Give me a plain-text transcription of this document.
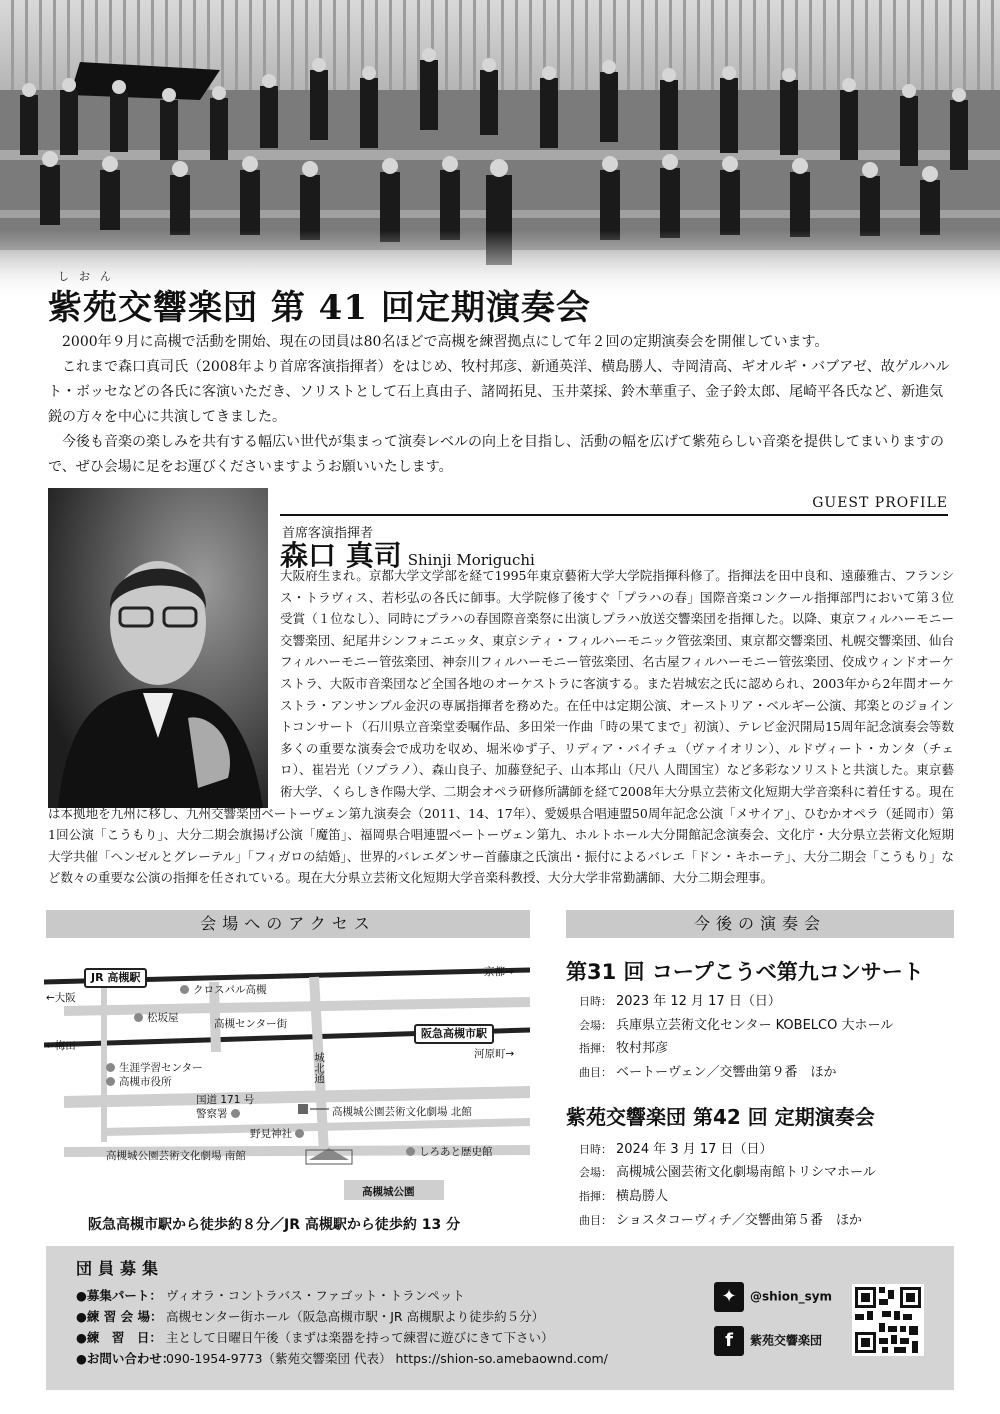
しおん
紫苑交響楽団 第 41 回定期演奏会

2000年９月に高槻で活動を開始、現在の団員は80名ほどで高槻を練習拠点にして年２回の定期演奏会を開催しています。

これまで森口真司氏（2008年より首席客演指揮者）をはじめ、牧村邦彦、新通英洋、横島勝人、寺岡清高、ギオルギ・バブアゼ、故ゲルハルト・ボッセなどの各氏に客演いただき、ソリストとして石上真由子、諸岡拓見、玉井菜採、鈴木華重子、金子鈴太郎、尾崎平各氏など、新進気鋭の方々を中心に共演してきました。

今後も音楽の楽しみを共有する幅広い世代が集まって演奏レベルの向上を目指し、活動の幅を広げて紫苑らしい音楽を提供してまいりますので、ぜひ会場に足をお運びくださいますようお願いいたします。

GUEST PROFILE
首席客演指揮者
森口 真司 Shinji Moriguchi
大阪府生まれ。京都大学文学部を経て1995年東京藝術大学大学院指揮科修了。指揮法を田中良和、遠藤雅古、フランシス・トラヴィス、若杉弘の各氏に師事。大学院修了後すぐ「プラハの春」国際音楽コンクール指揮部門において第３位受賞（１位なし）、同時にプラハの春国際音楽祭に出演しプラハ放送交響楽団を指揮した。以降、東京フィルハーモニー交響楽団、紀尾井シンフォニエッタ、東京シティ・フィルハーモニック管弦楽団、東京都交響楽団、札幌交響楽団、仙台フィルハーモニー管弦楽団、神奈川フィルハーモニー管弦楽団、名古屋フィルハーモニー管弦楽団、佼成ウィンドオーケストラ、大阪市音楽団など全国各地のオーケストラに客演する。また岩城宏之氏に認められ、2003年から2年間オーケストラ・アンサンブル金沢の専属指揮者を務めた。在任中は定期公演、オーストリア・ベルギー公演、邦楽とのジョイントコンサート（石川県立音楽堂委嘱作品、多田栄一作曲「時の果てまで」初演）、テレビ金沢開局15周年記念演奏会等数多くの重要な演奏会で成功を収め、堀米ゆず子、リディア・バイチュ（ヴァイオリン）、ルドヴィート・カンタ（チェロ）、崔岩光（ソプラノ）、森山良子、加藤登紀子、山本邦山（尺八 人間国宝）など多彩なソリストと共演した。東京藝術大学、くらしき作陽大学、二期会オペラ研修所講師を経て2008年大分県立芸術文化短期大学音楽科に着任する。現在は本拠地を九州に移し、九州交響楽団ベートーヴェン第九演奏会（2011、14、17年）、愛媛県合唱連盟50周年記念公演「メサイア」、ひむかオペラ（延岡市）第1回公演「こうもり」、大分二期会旗揚げ公演「魔笛」、福岡県合唱連盟ベートーヴェン第九、ホルトホール大分開館記念演奏会、文化庁・大分県立芸術文化短期大学共催「ヘンゼルとグレーテル」「フィガロの結婚」、世界的バレエダンサー首藤康之氏演出・振付によるバレエ「ドン・キホーテ」、大分二期会「こうもり」など数々の重要な公演の指揮を任されている。現在大分県立芸術文化短期大学音楽科教授、大分大学非常勤講師、大分二期会理事。
会場へのアクセス	今後の演奏会
JR 高槻駅
阪急高槻市駅
京都→
←大阪
←梅田
河原町→
クロスパル高槻
松坂屋	高槻センター街
生涯学習センター
高槻市役所
国道 171 号
警察署
野見神社
高槻城公園芸術文化劇場 北館
高槻城公園芸術文化劇場 南館	しろあと歴史館
高槻城公園
城北通
阪急高槻市駅から徒歩約８分／JR 高槻駅から徒歩約 13 分
第31 回 コープこうべ第九コンサート
日時： 2023 年 12 月 17 日（日）
会場： 兵庫県立芸術文化センター KOBELCO 大ホール
指揮： 牧村邦彦
曲目： ベートーヴェン／交響曲第９番　ほか
紫苑交響楽団 第42 回 定期演奏会
日時： 2024 年 3 月 17 日（日）
会場： 高槻城公園芸術文化劇場南館トリシマホール
指揮： 横島勝人
曲目： ショスタコーヴィチ／交響曲第５番　ほか
団員募集
●募集パート： ヴィオラ・コントラバス・ファゴット・トランペット
●練 習 会 場： 高槻センター街ホール（阪急高槻市駅・JR 高槻駅より徒歩約５分）
●練　習　日： 主として日曜日午後（まずは楽器を持って練習に遊びにきて下さい）
●お問い合わせ：090-1954-9773（紫苑交響楽団 代表） https://shion-so.amebaownd.com/
✦ @shion_sym
f 紫苑交響楽団
